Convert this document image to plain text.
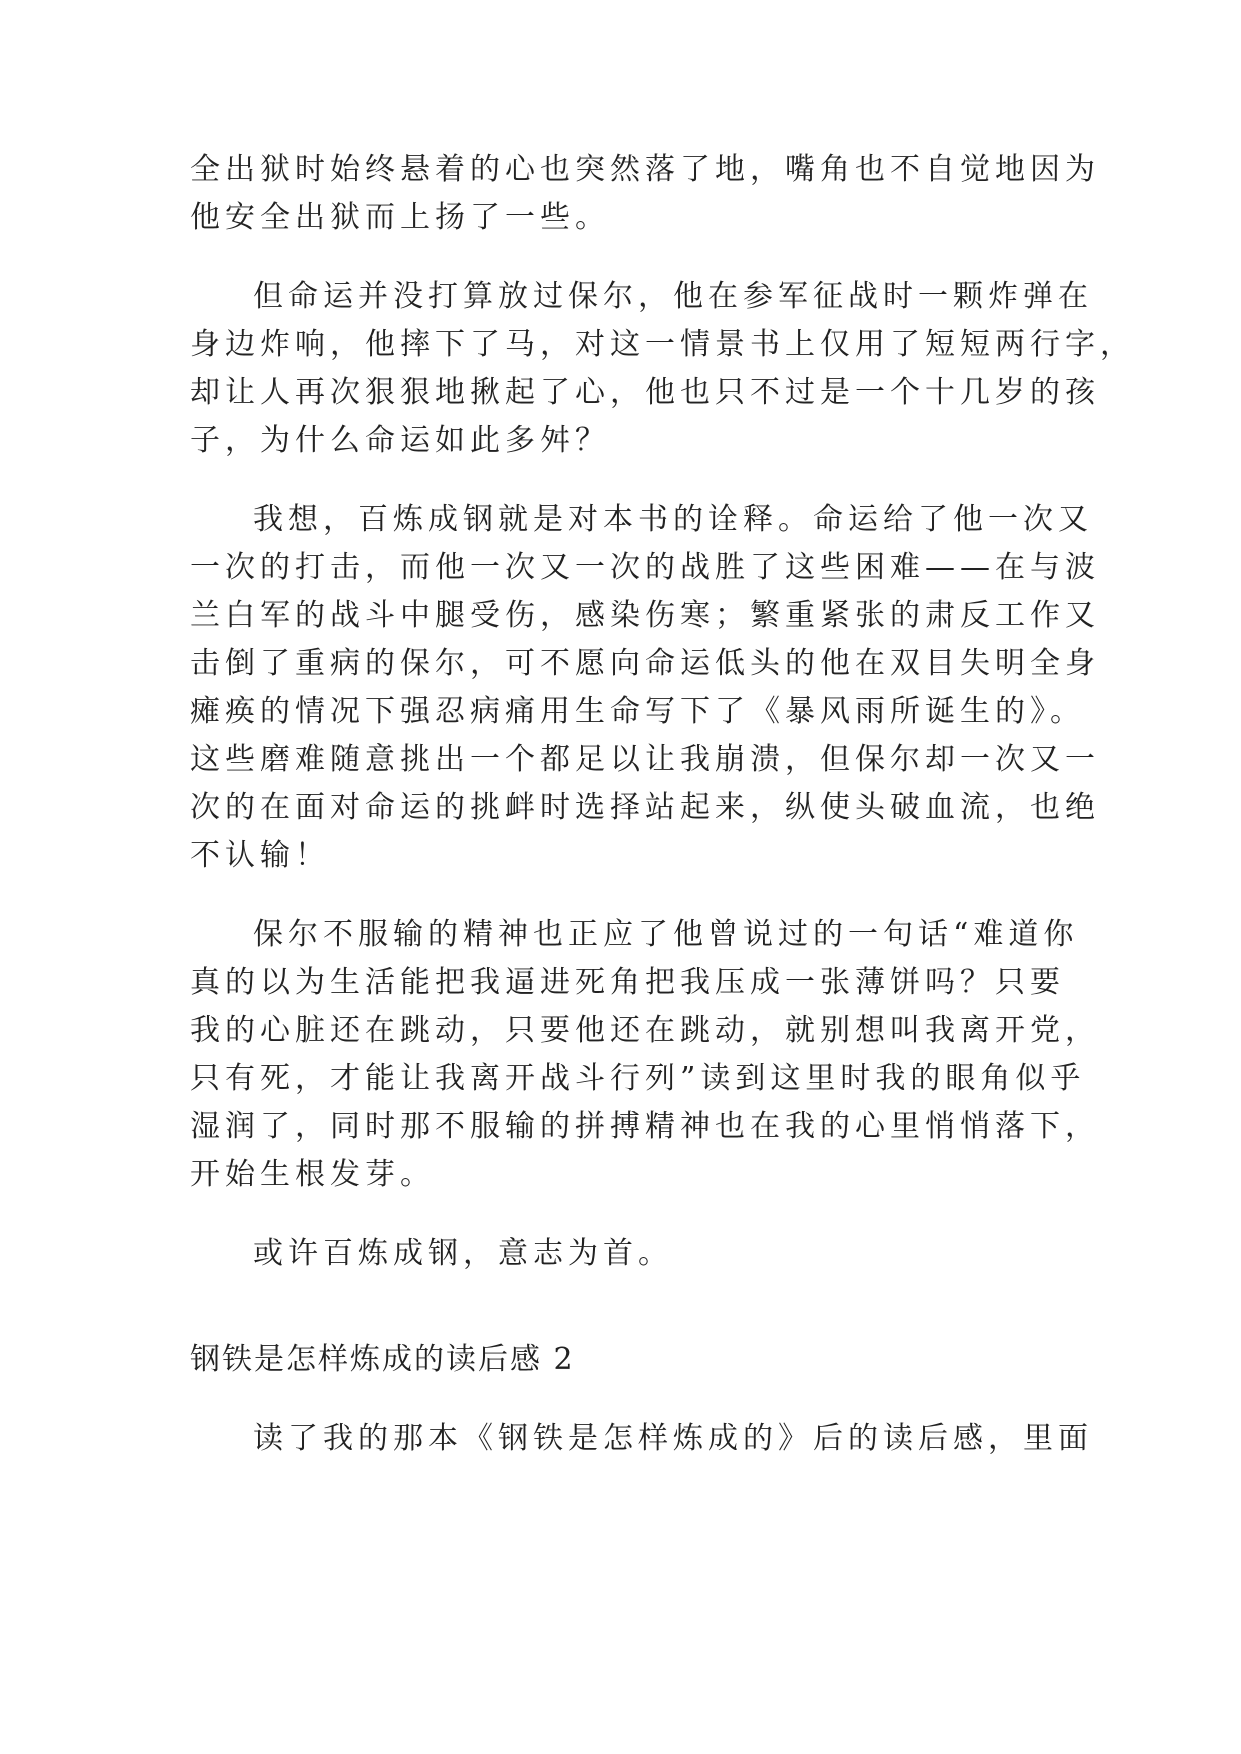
全出狱时始终悬着的心也突然落了地，嘴角也不自觉地因为
他安全出狱而上扬了一些。
但命运并没打算放过保尔，他在参军征战时一颗炸弹在
身边炸响，他摔下了马，对这一情景书上仅用了短短两行字，
却让人再次狠狠地揪起了心，他也只不过是一个十几岁的孩
子，为什么命运如此多舛？
我想，百炼成钢就是对本书的诠释。命运给了他一次又
一次的打击，而他一次又一次的战胜了这些困难——在与波
兰白军的战斗中腿受伤，感染伤寒；繁重紧张的肃反工作又
击倒了重病的保尔，可不愿向命运低头的他在双目失明全身
瘫痪的情况下强忍病痛用生命写下了《暴风雨所诞生的》。
这些磨难随意挑出一个都足以让我崩溃，但保尔却一次又一
次的在面对命运的挑衅时选择站起来，纵使头破血流，也绝
不认输！
保尔不服输的精神也正应了他曾说过的一句话“难道你
真的以为生活能把我逼进死角把我压成一张薄饼吗？只要
我的心脏还在跳动，只要他还在跳动，就别想叫我离开党，
只有死，才能让我离开战斗行列”读到这里时我的眼角似乎
湿润了，同时那不服输的拼搏精神也在我的心里悄悄落下，
开始生根发芽。
或许百炼成钢，意志为首。
钢铁是怎样炼成的读后感 2
读了我的那本《钢铁是怎样炼成的》后的读后感，里面
